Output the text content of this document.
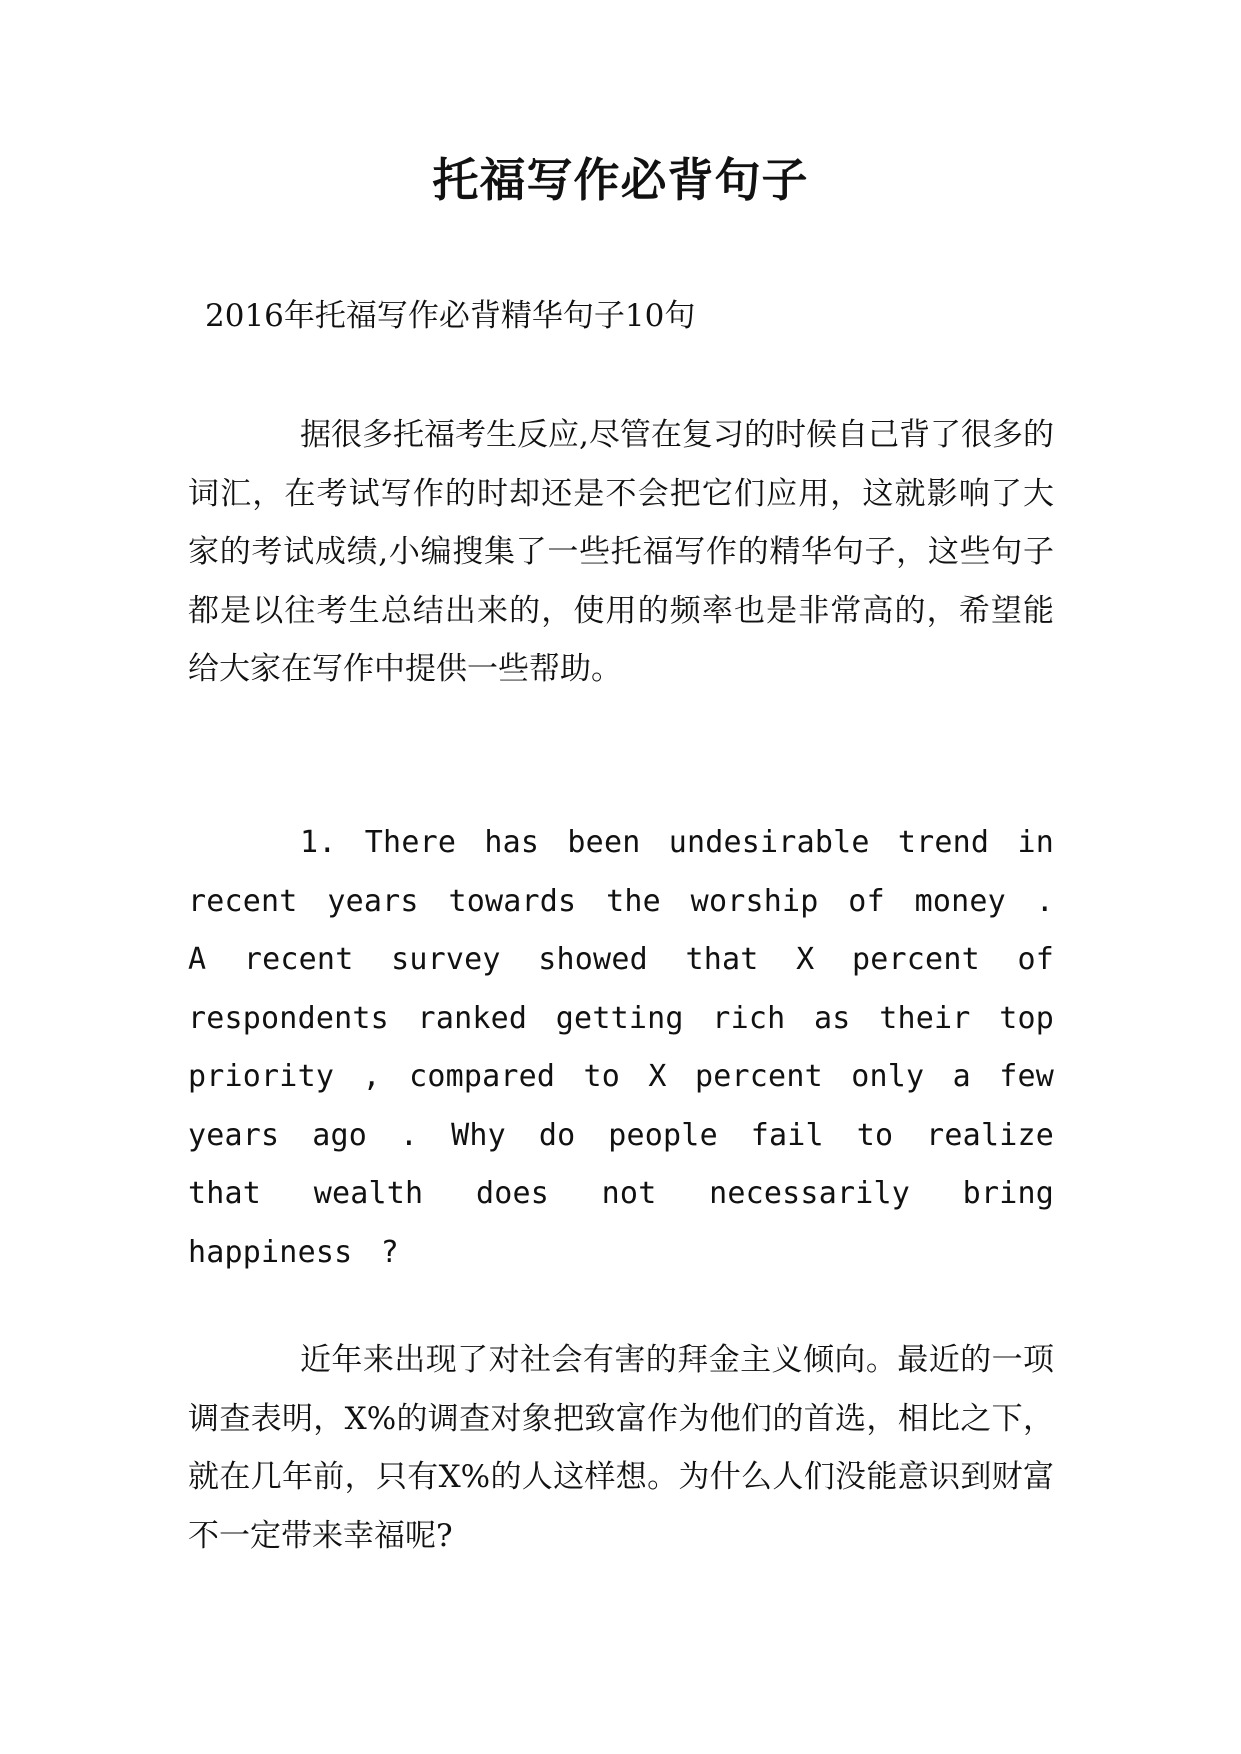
托福写作必背句子

2016年托福写作必背精华句子10句

据很多托福考生反应,尽管在复习的时候自己背了很多的词汇，在考试写作的时却还是不会把它们应用，这就影响了大家的考试成绩,小编搜集了一些托福写作的精华句子，这些句子都是以往考生总结出来的，使用的频率也是非常高的，希望能给大家在写作中提供一些帮助。

1. There has been undesirable trend in recent years towards the worship of money . A recent survey showed that X percent of respondents ranked getting rich as their top priority , compared to X percent only a few years ago . Why do people fail to realize that wealth does not necessarily bring happiness ?

近年来出现了对社会有害的拜金主义倾向。最近的一项调查表明，X%的调查对象把致富作为他们的首选，相比之下，就在几年前，只有X%的人这样想。为什么人们没能意识到财富不一定带来幸福呢?
